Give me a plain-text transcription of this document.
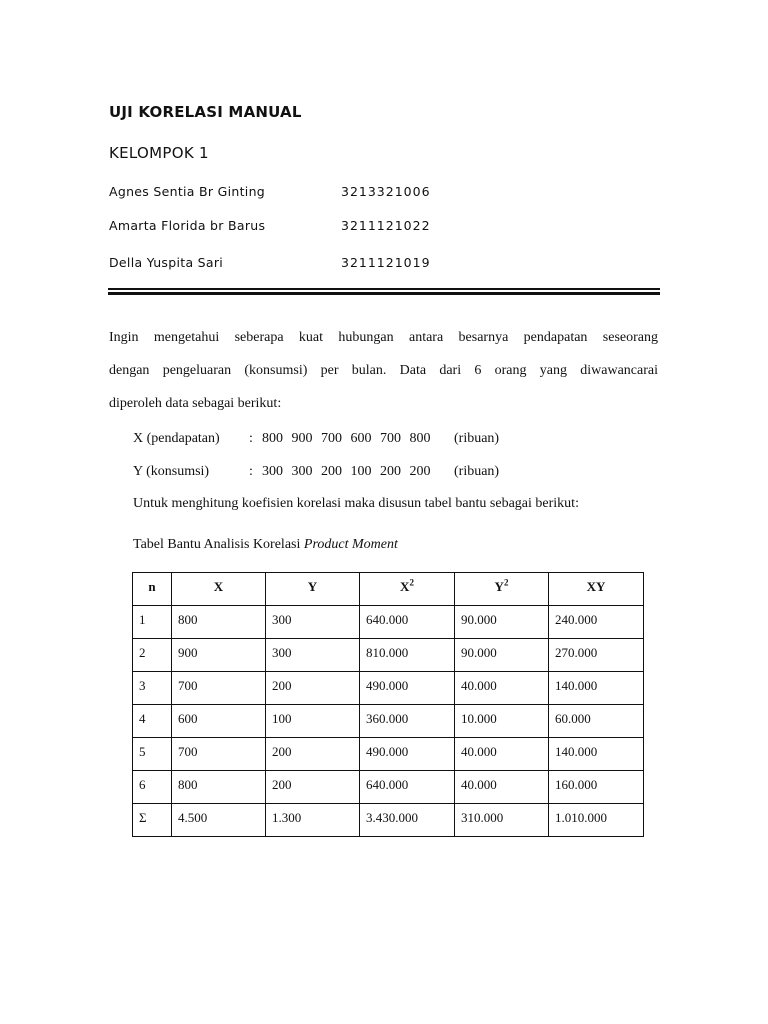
UJI KORELASI MANUAL
KELOMPOK 1
Agnes Sentia Br Ginting	3213321006
Amarta Florida br Barus	3211121022
Della Yuspita Sari	3211121019
Ingin mengetahui seberapa kuat hubungan antara besarnya pendapatan seseorang
dengan pengeluaran (konsumsi) per bulan. Data dari 6 orang yang diwawancarai
diperoleh data sebagai berikut:
X (pendapatan) : 800 900 700 600 700 800 (ribuan)
Y (konsumsi)	: 300 300 200 100 200 200 (ribuan)
Untuk menghitung koefisien korelasi maka disusun tabel bantu sebagai berikut:
Tabel Bantu Analisis Korelasi Product Moment
n	X	Y	$X^2$	$Y^2$	XY
1	800	300	640.000	90.000	240.000
2	900	300	810.000	90.000	270.000
3	700	200	490.000	40.000	140.000
4	600	100	360.000	10.000	60.000
5	700	200	490.000	40.000	140.000
6	800	200	640.000	40.000	160.000
Σ	4.500	1.300	3.430.000	310.000	1.010.000
